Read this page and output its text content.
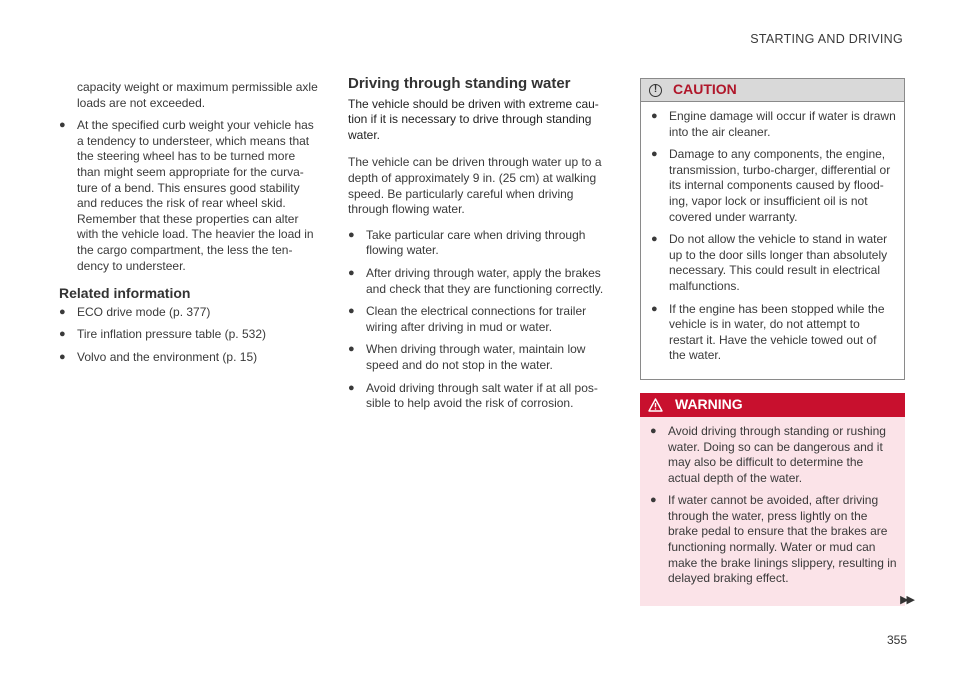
STARTING AND DRIVING

capacity weight or maximum permissible axle loads are not exceeded.

● At the specified curb weight your vehicle has a tendency to understeer, which means that the steering wheel has to be turned more than might seem appropriate for the curva-ture of a bend. This ensures good stability and reduces the risk of rear wheel skid. Remember that these properties can alter with the vehicle load. The heavier the load in the cargo compartment, the less the ten-dency to understeer.
Related information
● ECO drive mode (p. 377)
● Tire inflation pressure table (p. 532)
● Volvo and the environment (p. 15)
Driving through standing water

The vehicle should be driven with extreme cau-tion if it is necessary to drive through standing water.

The vehicle can be driven through water up to a depth of approximately 9 in. (25 cm) at walking speed. Be particularly careful when driving through flowing water.

● Take particular care when driving through flowing water.
● After driving through water, apply the brakes and check that they are functioning correctly.
● Clean the electrical connections for trailer wiring after driving in mud or water.
● When driving through water, maintain low speed and do not stop in the water.
● Avoid driving through salt water if at all pos-sible to help avoid the risk of corrosion.
!	CAUTION
● Engine damage will occur if water is drawn into the air cleaner.
● Damage to any components, the engine, transmission, turbo-charger, differential or its internal components caused by flood-ing, vapor lock or insufficient oil is not covered under warranty.
● Do not allow the vehicle to stand in water up to the door sills longer than absolutely necessary. This could result in electrical malfunctions.
● If the engine has been stopped while the vehicle is in water, do not attempt to restart it. Have the vehicle towed out of the water.
WARNING
● Avoid driving through standing or rushing water. Doing so can be dangerous and it may also be difficult to determine the actual depth of the water.
● If water cannot be avoided, after driving through the water, press lightly on the brake pedal to ensure that the brakes are functioning normally. Water or mud can make the brake linings slippery, resulting in delayed braking effect.
▶▶
355
